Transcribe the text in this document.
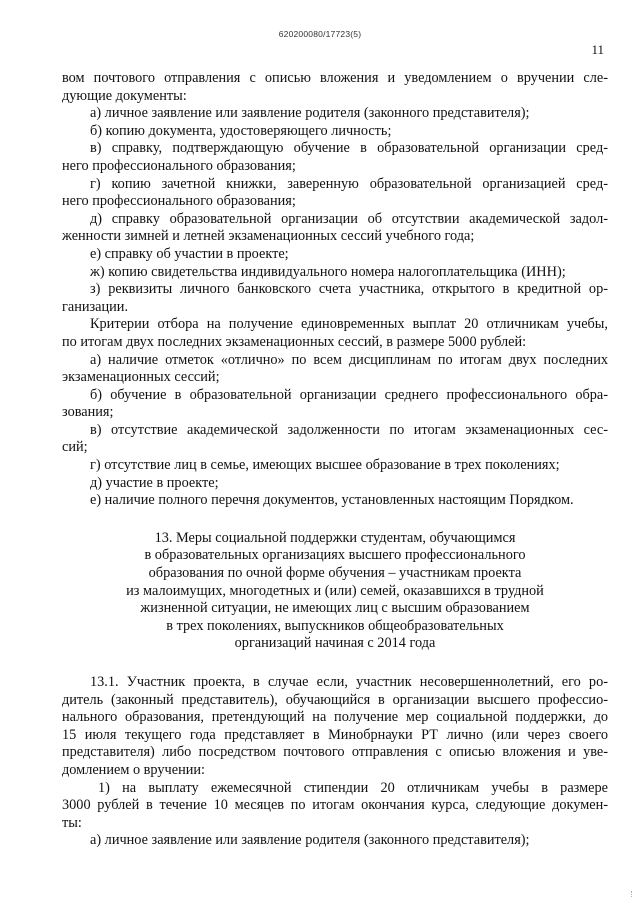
620200080/17723(5)
11
вом почтового отправления с описью вложения и уведомлением о вручении сле-
дующие документы:
а) личное заявление или заявление родителя (законного представителя);
б) копию документа, удостоверяющего личность;
в) справку, подтверждающую обучение в образовательной организации сред-
него профессионального образования;
г) копию зачетной книжки, заверенную образовательной организацией сред-
него профессионального образования;
д) справку образовательной организации об отсутствии академической задол-
женности зимней и летней экзаменационных сессий учебного года;
е) справку об участии в проекте;
ж) копию свидетельства индивидуального номера налогоплательщика (ИНН);
з) реквизиты личного банковского счета участника, открытого в кредитной ор-
ганизации.
Критерии отбора на получение единовременных выплат 20 отличникам учебы,
по итогам двух последних экзаменационных сессий, в размере 5000 рублей:
а) наличие отметок «отлично» по всем дисциплинам по итогам двух последних
экзаменационных сессий;
б) обучение в образовательной организации среднего профессионального обра-
зования;
в) отсутствие академической задолженности по итогам экзаменационных сес-
сий;
г) отсутствие лиц в семье, имеющих высшее образование в трех поколениях;
д) участие в проекте;
е) наличие полного перечня документов, установленных настоящим Порядком.
13. Меры социальной поддержки студентам, обучающимся
в образовательных организациях высшего профессионального
образования по очной форме обучения – участникам проекта
из малоимущих, многодетных и (или) семей, оказавшихся в трудной
жизненной ситуации, не имеющих лиц с высшим образованием
в трех поколениях, выпускников общеобразовательных
организаций начиная с 2014 года
13.1. Участник проекта, в случае если, участник несовершеннолетний, его ро-
дитель (законный представитель), обучающийся в организации высшего профессио-
нального образования, претендующий на получение мер социальной поддержки, до
15 июля текущего года представляет в Минобрнауки РТ лично (или через своего
представителя) либо посредством почтового отправления с описью вложения и уве-
домлением о вручении:
1) на выплату ежемесячной стипендии 20 отличникам учебы в размере
3000 рублей в течение 10 месяцев по итогам окончания курса, следующие докумен-
ты:
а) личное заявление или заявление родителя (законного представителя);
